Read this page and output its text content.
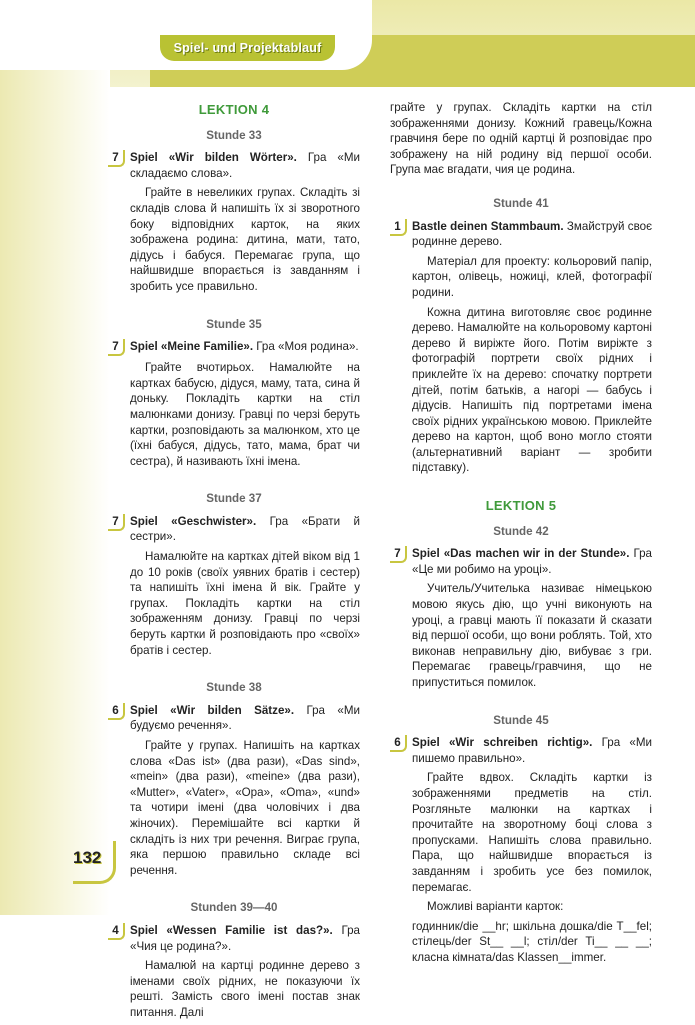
Spiel- und Projektablauf
LEKTION 4
Stunde 33
7 Spiel «Wir bilden Wörter». Гра «Ми складаємо слова».

Грайте в невеликих групах. Складіть зі складів слова й напишіть їх зі зворотного боку відповідних карток, на яких зображена родина: дитина, мати, тато, дідусь і бабуся. Перемагає група, що найшвидше впорається із завданням і зробить усе правильно.

Stunde 35
7 Spiel «Meine Familie». Гра «Моя родина».

Грайте вчотирьох. Намалюйте на картках бабусю, дідуся, маму, тата, сина й доньку. Покладіть картки на стіл малюнками донизу. Гравці по черзі беруть картки, розповідають за малюнком, хто це (їхні бабуся, дідусь, тато, мама, брат чи сестра), й називають їхні імена.

Stunde 37
7 Spiel «Geschwister». Гра «Брати й сестри».

Намалюйте на картках дітей віком від 1 до 10 років (своїх уявних братів і сестер) та напишіть їхні імена й вік. Грайте у групах. Покладіть картки на стіл зображенням донизу. Гравці по черзі беруть картки й розповідають про «своїх» братів і сестер.

Stunde 38
6 Spiel «Wir bilden Sätze». Гра «Ми будуємо речення».

Грайте у групах. Напишіть на картках слова «Das ist» (два рази), «Das sind», «mein» (два рази), «meine» (два рази), «Mutter», «Vater», «Opa», «Oma», «und» та чотири імені (два чоловічих і два жіночих). Перемішайте всі картки й складіть із них три речення. Виграє група, яка першою правильно складе всі речення.

Stunden 39—40
4 Spiel «Wessen Familie ist das?». Гра «Чия це родина?».

Намалюй на картці родинне дерево з іменами своїх рідних, не показуючи їх решті. Замість свого імені постав знак питання. Далі

грайте у групах. Складіть картки на стіл зображеннями донизу. Кожний гравець/Кожна гравчиня бере по одній картці й розповідає про зображену на ній родину від першої особи. Група має вгадати, чия це родина.

Stunde 41
1 Bastle deinen Stammbaum. Змайструй своє родинне дерево.

Матеріал для проекту: кольоровий папір, картон, олівець, ножиці, клей, фотографії родини.

Кожна дитина виготовляє своє родинне дерево. Намалюйте на кольоровому картоні дерево й виріжте його. Потім виріжте з фотографій портрети своїх рідних і приклейте їх на дерево: спочатку портрети дітей, потім батьків, а нагорі — бабусь і дідусів. Напишіть під портретами імена своїх рідних українською мовою. Приклейте дерево на картон, щоб воно могло стояти (альтернативний варіант — зробити підставку).

LEKTION 5
Stunde 42
7 Spiel «Das machen wir in der Stunde». Гра «Це ми робимо на уроці».

Учитель/Учителька називає німецькою мовою якусь дію, що учні виконують на уроці, а гравці мають її показати й сказати від першої особи, що вони роблять. Той, хто виконав неправильну дію, вибуває з гри. Перемагає гравець/гравчиня, що не припуститься помилок.

Stunde 45
6 Spiel «Wir schreiben richtig». Гра «Ми пишемо правильно».

Грайте вдвох. Складіть картки із зображеннями предметів на стіл. Розгляньте малюнки на картках і прочитайте на зворотному боці слова з пропусками. Напишіть слова правильно. Пара, що найшвидше впорається із завданням і зробить усе без помилок, перемагає.

Можливі варіанти карток:

годинник/die __hr; шкільна дошка/die T__fel; стілець/der St__ __l; стіл/der Ti__ __ __; класна кімната/das Klassen__immer.

132
